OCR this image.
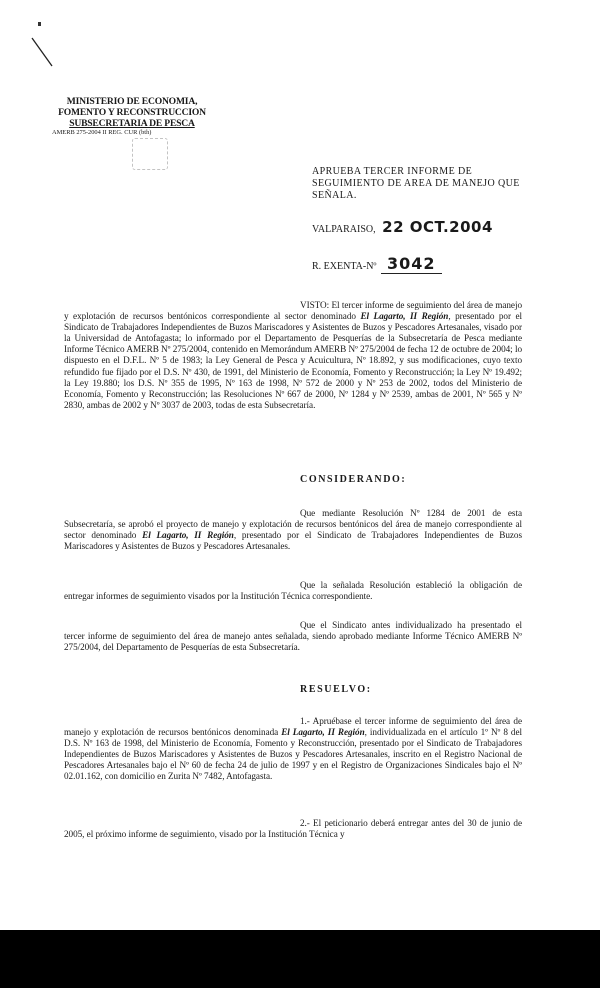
MINISTERIO DE ECONOMIA,
FOMENTO Y RECONSTRUCCION
SUBSECRETARIA DE PESCA
AMERB 275-2004 II REG. CUR (bth)
APRUEBA TERCER INFORME DE SEGUIMIENTO DE AREA DE MANEJO QUE SEÑALA.
VALPARAISO, 22 OCT.2004
R. EXENTA-Nº 3042
VISTO: El tercer informe de seguimiento del área de manejo y explotación de recursos bentónicos correspondiente al sector denominado El Lagarto, II Región, presentado por el Sindicato de Trabajadores Independientes de Buzos Mariscadores y Asistentes de Buzos y Pescadores Artesanales, visado por la Universidad de Antofagasta; lo informado por el Departamento de Pesquerías de la Subsecretaría de Pesca mediante Informe Técnico AMERB Nº 275/2004, contenido en Memorándum AMERB Nº 275/2004 de fecha 12 de octubre de 2004; lo dispuesto en el D.F.L. Nº 5 de 1983; la Ley General de Pesca y Acuicultura, Nº 18.892, y sus modificaciones, cuyo texto refundido fue fijado por el D.S. Nº 430, de 1991, del Ministerio de Economía, Fomento y Reconstrucción; la Ley Nº 19.492; la Ley 19.880; los D.S. Nº 355 de 1995, Nº 163 de 1998, Nº 572 de 2000 y Nº 253 de 2002, todos del Ministerio de Economía, Fomento y Reconstrucción; las Resoluciones Nº 667 de 2000, Nº 1284 y Nº 2539, ambas de 2001, Nº 565 y Nº 2830, ambas de 2002 y Nº 3037 de 2003, todas de esta Subsecretaría.
CONSIDERANDO:
Que mediante Resolución Nº 1284 de 2001 de esta Subsecretaría, se aprobó el proyecto de manejo y explotación de recursos bentónicos del área de manejo correspondiente al sector denominado El Lagarto, II Región, presentado por el Sindicato de Trabajadores Independientes de Buzos Mariscadores y Asistentes de Buzos y Pescadores Artesanales.
Que la señalada Resolución estableció la obligación de entregar informes de seguimiento visados por la Institución Técnica correspondiente.
Que el Sindicato antes individualizado ha presentado el tercer informe de seguimiento del área de manejo antes señalada, siendo aprobado mediante Informe Técnico AMERB Nº 275/2004, del Departamento de Pesquerías de esta Subsecretaría.
RESUELVO:
1.- Apruébase el tercer informe de seguimiento del área de manejo y explotación de recursos bentónicos denominada El Lagarto, II Región, individualizada en el artículo 1º Nº 8 del D.S. Nº 163 de 1998, del Ministerio de Economía, Fomento y Reconstrucción, presentado por el Sindicato de Trabajadores Independientes de Buzos Mariscadores y Asistentes de Buzos y Pescadores Artesanales, inscrito en el Registro Nacional de Pescadores Artesanales bajo el Nº 60 de fecha 24 de julio de 1997 y en el Registro de Organizaciones Sindicales bajo el Nº 02.01.162, con domicilio en Zurita Nº 7482, Antofagasta.
2.- El peticionario deberá entregar antes del 30 de junio de 2005, el próximo informe de seguimiento, visado por la Institución Técnica y
